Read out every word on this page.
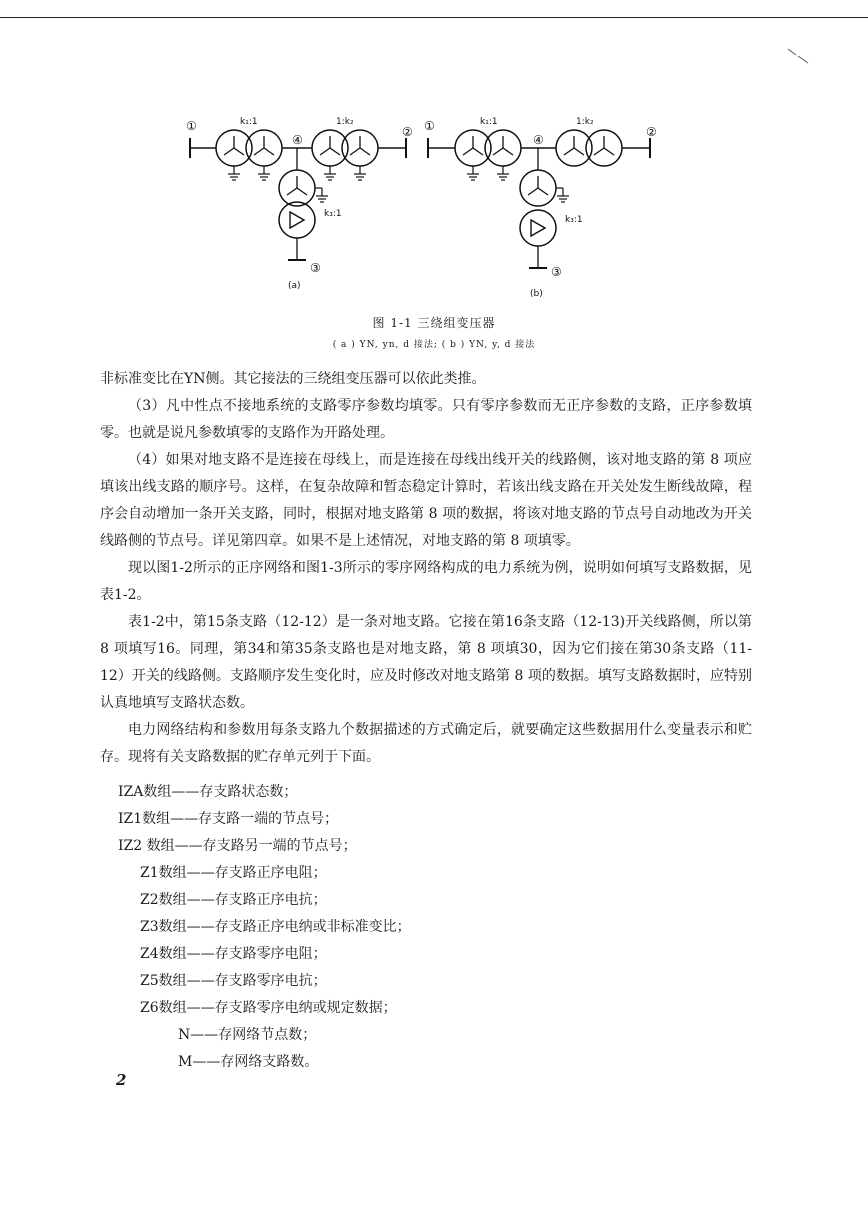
①	②
③
④
k₁:1	1:k₂
k₃:1
(a)
①	②
③
④
k₁:1	1:k₂
k₃:1
(b)
图 1-1 三绕组变压器
( a ) YN, yn, d 接法; ( b ) YN, y, d 接法

非标准变比在YN侧。其它接法的三绕组变压器可以依此类推。

（3）凡中性点不接地系统的支路零序参数均填零。只有零序参数而无正序参数的支路，正序参数填零。也就是说凡参数填零的支路作为开路处理。

（4）如果对地支路不是连接在母线上，而是连接在母线出线开关的线路侧，该对地支路的第 8 项应填该出线支路的顺序号。这样，在复杂故障和暂态稳定计算时，若该出线支路在开关处发生断线故障，程序会自动增加一条开关支路，同时，根据对地支路第 8 项的数据，将该对地支路的节点号自动地改为开关线路侧的节点号。详见第四章。如果不是上述情况，对地支路的第 8 项填零。

现以图1-2所示的正序网络和图1-3所示的零序网络构成的电力系统为例，说明如何填写支路数据，见表1-2。

表1-2中，第15条支路（12-12）是一条对地支路。它接在第16条支路（12-13)开关线路侧，所以第 8 项填写16。同理，第34和第35条支路也是对地支路，第 8 项填30，因为它们接在第30条支路（11-12）开关的线路侧。支路顺序发生变化时，应及时修改对地支路第 8 项的数据。填写支路数据时，应特别认真地填写支路状态数。

电力网络结构和参数用每条支路九个数据描述的方式确定后，就要确定这些数据用什么变量表示和贮存。现将有关支路数据的贮存单元列于下面。

IZA数组——存支路状态数；
IZ1数组——存支路一端的节点号；
IZ2 数组——存支路另一端的节点号；
Z1数组——存支路正序电阻；
Z2数组——存支路正序电抗；
Z3数组——存支路正序电纳或非标准变比；
Z4数组——存支路零序电阻；
Z5数组——存支路零序电抗；
Z6数组——存支路零序电纳或规定数据；
N——存网络节点数；
M——存网络支路数。
2
